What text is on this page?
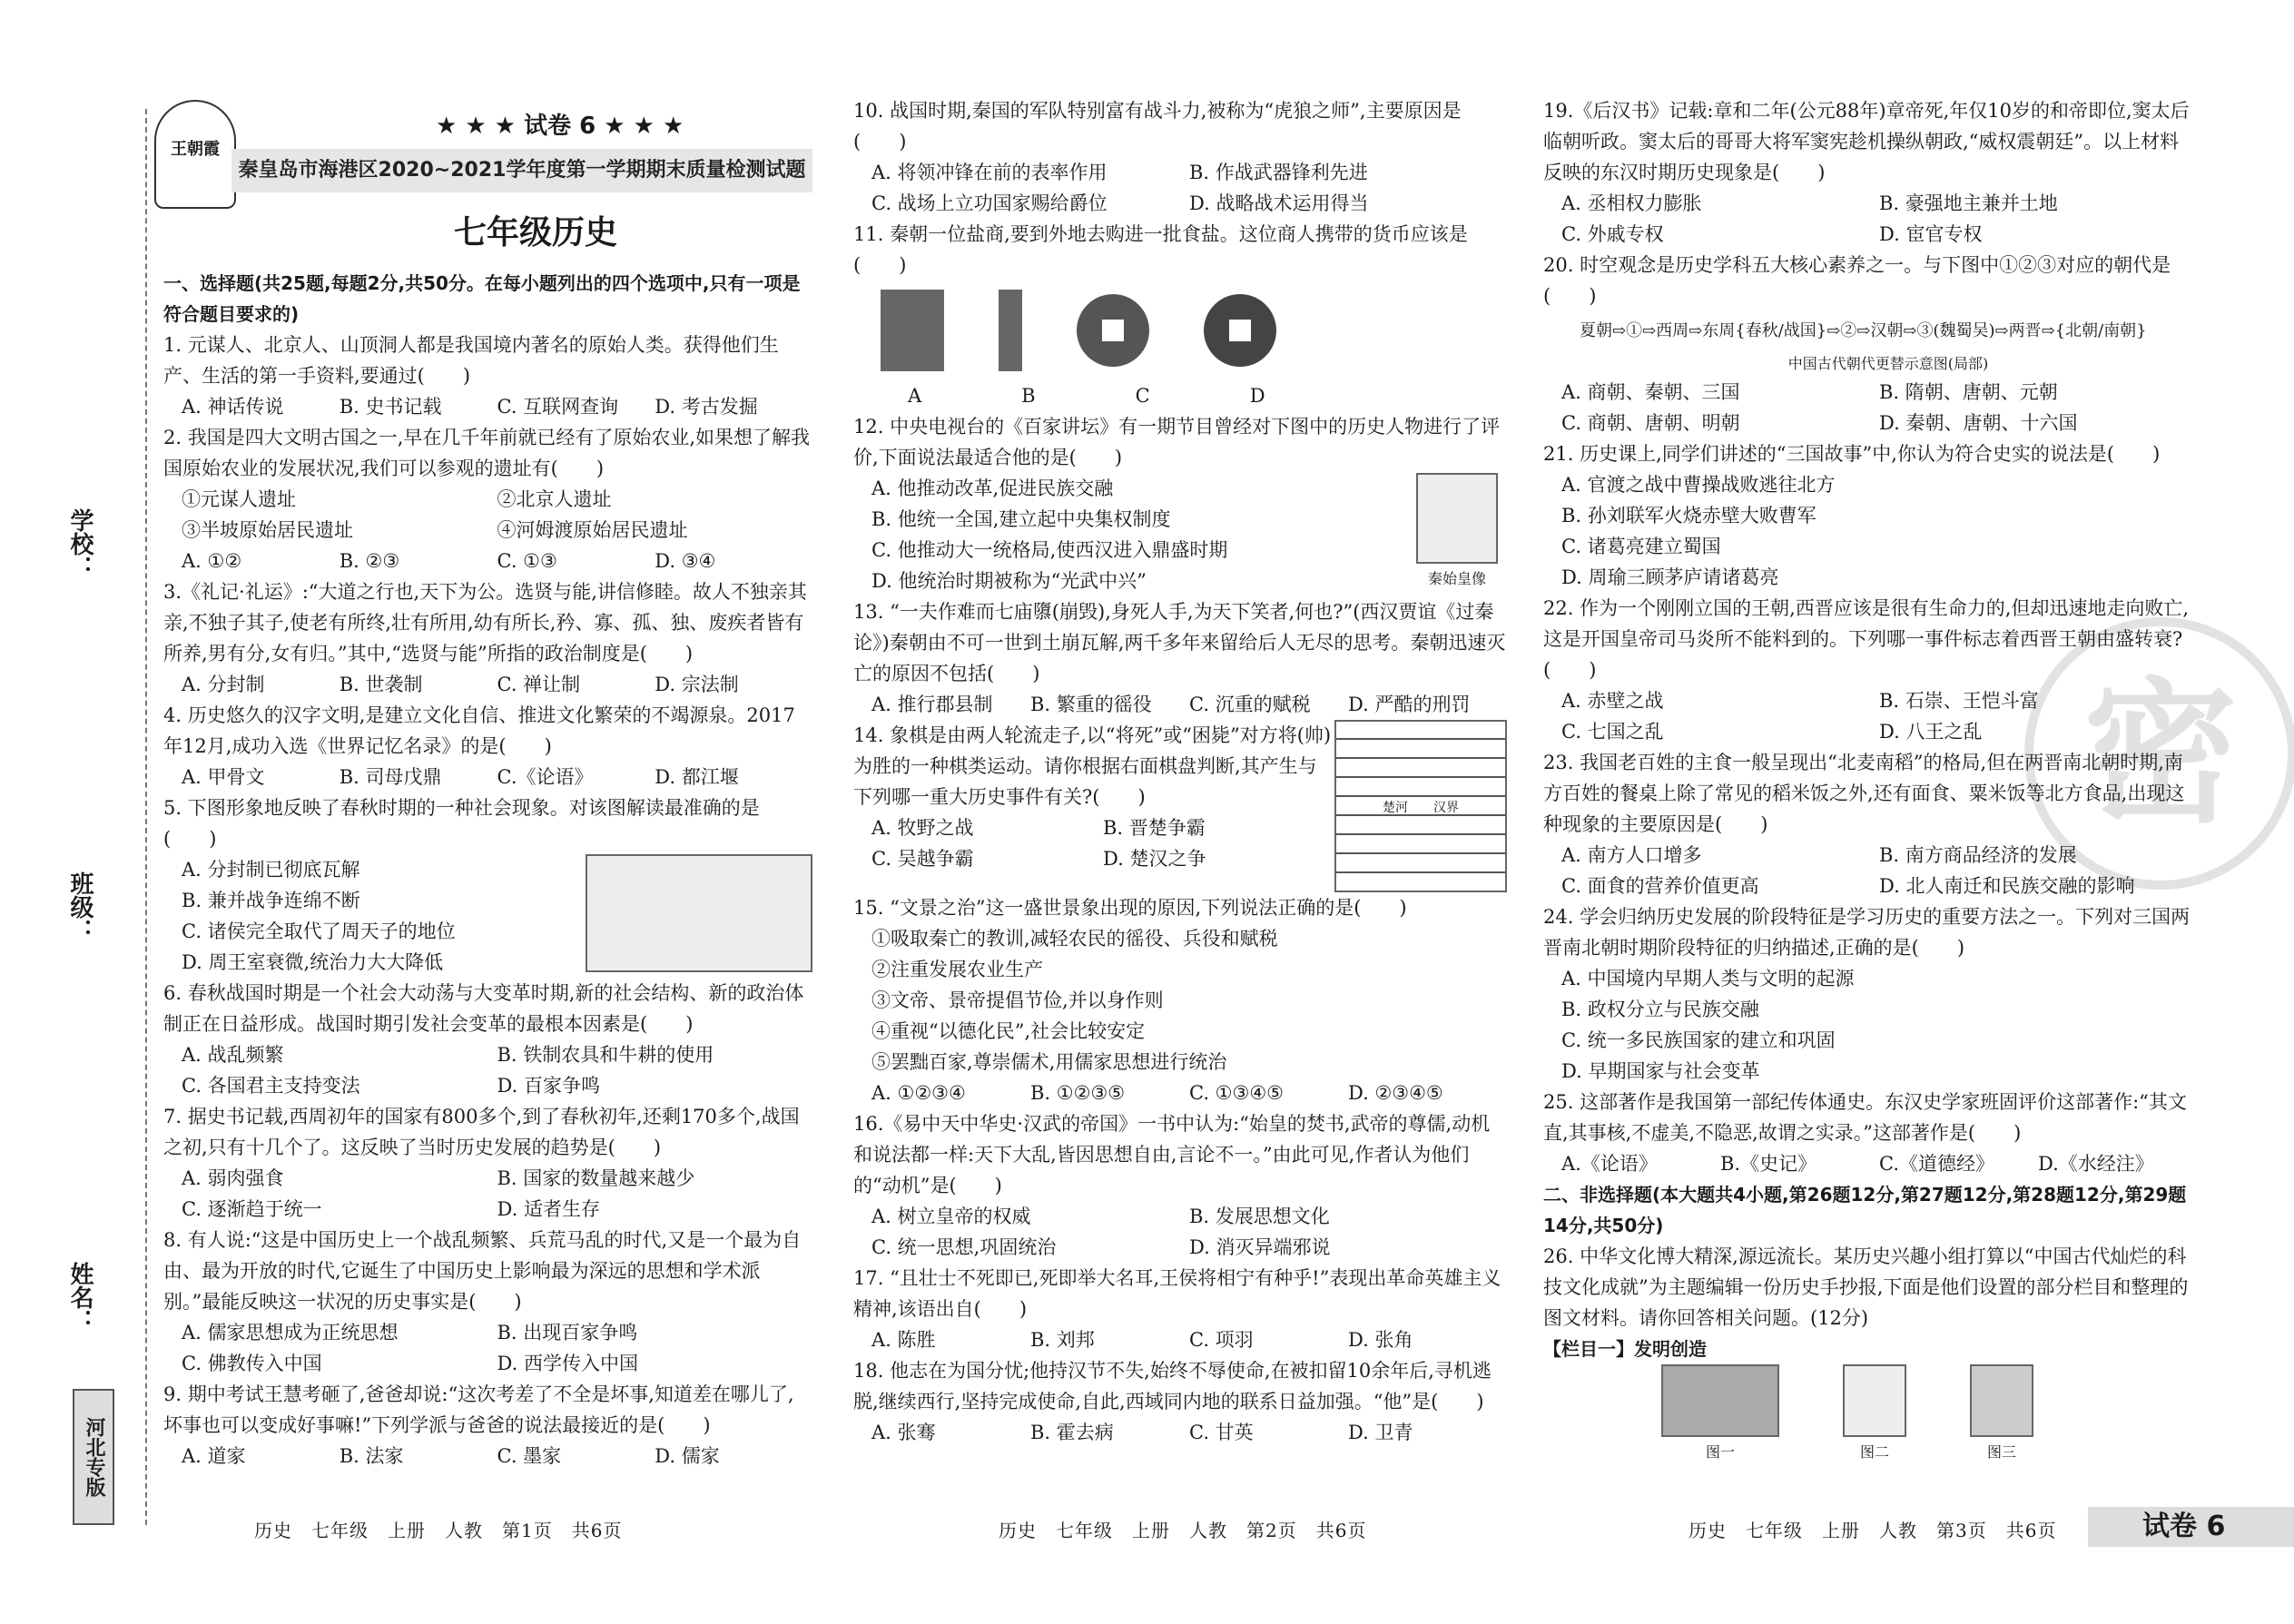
学校：
班级：
姓名：
河北专版
王朝霞
★ ★ ★ 试卷 6 ★ ★ ★
秦皇岛市海港区2020~2021学年度第一学期期末质量检测试题
七年级历史
密
一、选择题(共25题,每题2分,共50分。在每小题列出的四个选项中,只有一项是符合题目要求的)

1. 元谋人、北京人、山顶洞人都是我国境内著名的原始人类。获得他们生产、生活的第一手资料,要通过(　　)

A. 神话传说	B. 史书记载	C. 互联网查询	D. 考古发掘

2. 我国是四大文明古国之一,早在几千年前就已经有了原始农业,如果想了解我国原始农业的发展状况,我们可以参观的遗址有(　　)

①元谋人遗址	②北京人遗址
③半坡原始居民遗址	④河姆渡原始居民遗址
A. ①②	B. ②③	C. ①③	D. ③④

3.《礼记·礼运》:“大道之行也,天下为公。选贤与能,讲信修睦。故人不独亲其亲,不独子其子,使老有所终,壮有所用,幼有所长,矜、寡、孤、独、废疾者皆有所养,男有分,女有归。”其中,“选贤与能”所指的政治制度是(　　)

A. 分封制	B. 世袭制	C. 禅让制	D. 宗法制

4. 历史悠久的汉字文明,是建立文化自信、推进文化繁荣的不竭源泉。2017年12月,成功入选《世界记忆名录》的是(　　)

A. 甲骨文	B. 司母戊鼎	C.《论语》	D. 都江堰

5. 下图形象地反映了春秋时期的一种社会现象。对该图解读最准确的是(　　)

A. 分封制已彻底瓦解
B. 兼并战争连绵不断
C. 诸侯完全取代了周天子的地位
D. 周王室衰微,统治力大大降低

6. 春秋战国时期是一个社会大动荡与大变革时期,新的社会结构、新的政治体制正在日益形成。战国时期引发社会变革的最根本因素是(　　)

A. 战乱频繁	B. 铁制农具和牛耕的使用
C. 各国君主支持变法	D. 百家争鸣

7. 据史书记载,西周初年的国家有800多个,到了春秋初年,还剩170多个,战国之初,只有十几个了。这反映了当时历史发展的趋势是(　　)

A. 弱肉强食	B. 国家的数量越来越少
C. 逐渐趋于统一	D. 适者生存

8. 有人说:“这是中国历史上一个战乱频繁、兵荒马乱的时代,又是一个最为自由、最为开放的时代,它诞生了中国历史上影响最为深远的思想和学术派别。”最能反映这一状况的历史事实是(　　)

A. 儒家思想成为正统思想	B. 出现百家争鸣
C. 佛教传入中国	D. 西学传入中国

9. 期中考试王慧考砸了,爸爸却说:“这次考差了不全是坏事,知道差在哪儿了,坏事也可以变成好事嘛!”下列学派与爸爸的说法最接近的是(　　)

A. 道家	B. 法家	C. 墨家	D. 儒家

10. 战国时期,秦国的军队特别富有战斗力,被称为“虎狼之师”,主要原因是(　　)

A. 将领冲锋在前的表率作用	B. 作战武器锋利先进
C. 战场上立功国家赐给爵位	D. 战略战术运用得当

11. 秦朝一位盐商,要到外地去购进一批食盐。这位商人携带的货币应该是(　　)

A	B	C	D

12. 中央电视台的《百家讲坛》有一期节目曾经对下图中的历史人物进行了评价,下面说法最适合他的是(　　)

A. 他推动改革,促进民族交融
B. 他统一全国,建立起中央集权制度
C. 他推动大一统格局,使西汉进入鼎盛时期
D. 他统治时期被称为“光武中兴”	秦始皇像

13. “一夫作难而七庙隳(崩毁),身死人手,为天下笑者,何也?”(西汉贾谊《过秦论》)秦朝由不可一世到土崩瓦解,两千多年来留给后人无尽的思考。秦朝迅速灭亡的原因不包括(　　)

A. 推行郡县制	B. 繁重的徭役	C. 沉重的赋税	D. 严酷的刑罚

14. 象棋是由两人轮流走子,以“将死”或“困毙”对方将(帅)为胜的一种棋类运动。请你根据右面棋盘判断,其产生与下列哪一重大历史事件有关?(　　)

A. 牧野之战	B. 晋楚争霸
C. 吴越争霸	D. 楚汉之争
楚河　　汉界

15. “文景之治”这一盛世景象出现的原因,下列说法正确的是(　　)

①吸取秦亡的教训,减轻农民的徭役、兵役和赋税
②注重发展农业生产
③文帝、景帝提倡节俭,并以身作则
④重视“以德化民”,社会比较安定
⑤罢黜百家,尊崇儒术,用儒家思想进行统治
A. ①②③④	B. ①②③⑤	C. ①③④⑤	D. ②③④⑤

16.《易中天中华史·汉武的帝国》一书中认为:“始皇的焚书,武帝的尊儒,动机和说法都一样:天下大乱,皆因思想自由,言论不一。”由此可见,作者认为他们的“动机”是(　　)

A. 树立皇帝的权威	B. 发展思想文化
C. 统一思想,巩固统治	D. 消灭异端邪说

17. “且壮士不死即已,死即举大名耳,王侯将相宁有种乎!”表现出革命英雄主义精神,该语出自(　　)

A. 陈胜	B. 刘邦	C. 项羽	D. 张角

18. 他志在为国分忧;他持汉节不失,始终不辱使命,在被扣留10余年后,寻机逃脱,继续西行,坚持完成使命,自此,西域同内地的联系日益加强。“他”是(　　)

A. 张骞	B. 霍去病	C. 甘英	D. 卫青

19.《后汉书》记载:章和二年(公元88年)章帝死,年仅10岁的和帝即位,窦太后临朝听政。窦太后的哥哥大将军窦宪趁机操纵朝政,“威权震朝廷”。以上材料反映的东汉时期历史现象是(　　)

A. 丞相权力膨胀	B. 豪强地主兼并土地
C. 外戚专权	D. 宦官专权

20. 时空观念是历史学科五大核心素养之一。与下图中①②③对应的朝代是(　　)

夏朝⇨①⇨西周⇨东周{春秋/战国}⇨②⇨汉朝⇨③(魏蜀吴)⇨两晋⇨{北朝/南朝}
中国古代朝代更替示意图(局部)
A. 商朝、秦朝、三国	B. 隋朝、唐朝、元朝
C. 商朝、唐朝、明朝	D. 秦朝、唐朝、十六国

21. 历史课上,同学们讲述的“三国故事”中,你认为符合史实的说法是(　　)

A. 官渡之战中曹操战败逃往北方
B. 孙刘联军火烧赤壁大败曹军
C. 诸葛亮建立蜀国
D. 周瑜三顾茅庐请诸葛亮

22. 作为一个刚刚立国的王朝,西晋应该是很有生命力的,但却迅速地走向败亡,这是开国皇帝司马炎所不能料到的。下列哪一事件标志着西晋王朝由盛转衰?(　　)

A. 赤壁之战	B. 石崇、王恺斗富
C. 七国之乱	D. 八王之乱

23. 我国老百姓的主食一般呈现出“北麦南稻”的格局,但在两晋南北朝时期,南方百姓的餐桌上除了常见的稻米饭之外,还有面食、粟米饭等北方食品,出现这种现象的主要原因是(　　)

A. 南方人口增多	B. 南方商品经济的发展
C. 面食的营养价值更高	D. 北人南迁和民族交融的影响

24. 学会归纳历史发展的阶段特征是学习历史的重要方法之一。下列对三国两晋南北朝时期阶段特征的归纳描述,正确的是(　　)

A. 中国境内早期人类与文明的起源
B. 政权分立与民族交融
C. 统一多民族国家的建立和巩固
D. 早期国家与社会变革

25. 这部著作是我国第一部纪传体通史。东汉史学家班固评价这部著作:“其文直,其事核,不虚美,不隐恶,故谓之实录。”这部著作是(　　)

A.《论语》	B.《史记》	C.《道德经》	D.《水经注》
二、非选择题(本大题共4小题,第26题12分,第27题12分,第28题12分,第29题14分,共50分)

26. 中华文化博大精深,源远流长。某历史兴趣小组打算以“中国古代灿烂的科技文化成就”为主题编辑一份历史手抄报,下面是他们设置的部分栏目和整理的图文材料。请你回答相关问题。(12分)

【栏目一】发明创造
图一	图二	图三
历史　七年级　上册　人教　第1页　共6页	历史　七年级　上册　人教　第2页　共6页	历史　七年级　上册　人教　第3页　共6页	试卷 6
